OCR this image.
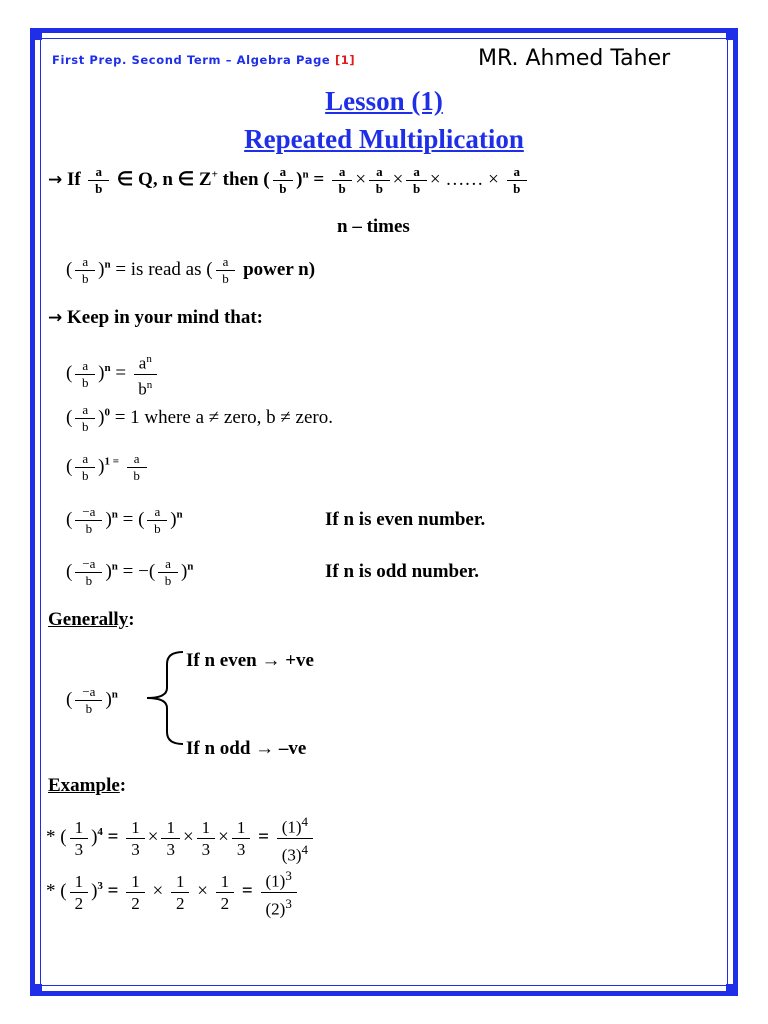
First Prep. Second Term – Algebra Page [1]	MR. Ahmed Taher
Lesson (1)
Repeated Multiplication
→ If $\frac{a}{b}$ ∈ Q, n ∈ Z+ then ( $\frac{a}{b} )^n = \frac{a}{b} \times \frac{a}{b} \times \frac{a}{b}$ × …… × $\frac{a}{b}$
n – times
( $\frac{a}{b} )^n$ = is read as ( $\frac{a}{b}$ power n)
→ Keep in your mind that:
( $\frac{a}{b} )^n = \frac{a^n}{b^n}$
( $\frac{a}{b} )^0 = 1$ where a ≠ zero, b ≠ zero.
( $\frac{a}{b} )^{1 =} \frac{a}{b}$
( $\frac{-a}{b} )^n$ = ( $\frac{a}{b} )^n$	If n is even number.
( $\frac{-a}{b} )^n$ = −( $\frac{a}{b} )^n$	If n is odd number.
Generally:
( $\frac{-a}{b} )^n$
If n even → +ve
If n odd → –ve
Example:
* ( $\frac{1}{3} )^4 = \frac{1}{3} \times \frac{1}{3} \times \frac{1}{3} \times \frac{1}{3} = \frac{(1)^4}{(3)^4}$
* ( $\frac{1}{2} )^3 = \frac{1}{2} \times \frac{1}{2} \times \frac{1}{2} = \frac{(1)^3}{(2)^3}$
